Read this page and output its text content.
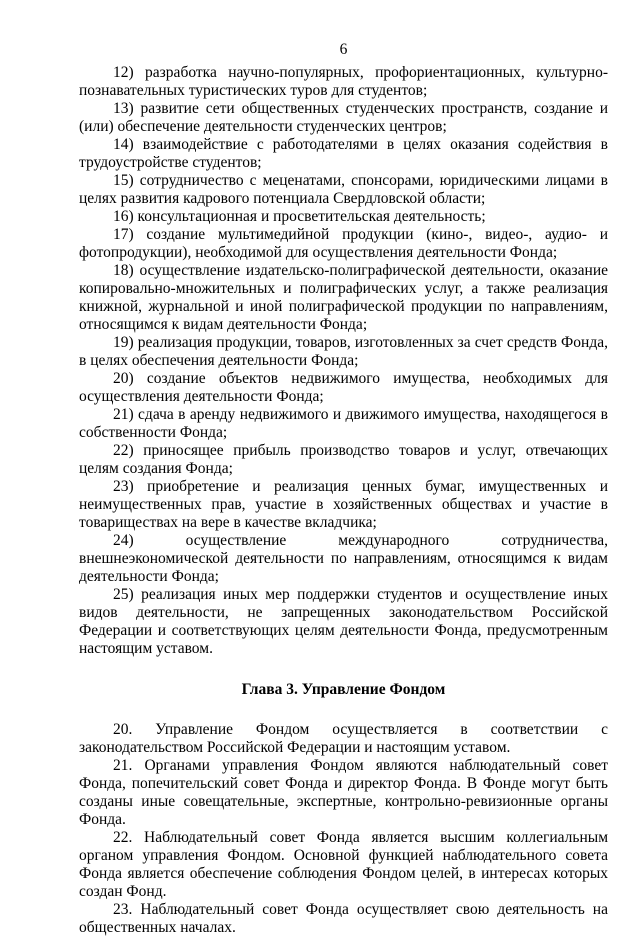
6

12) разработка научно-популярных, профориентационных, культурно-познавательных туристических туров для студентов;

13) развитие сети общественных студенческих пространств, создание и (или) обеспечение деятельности студенческих центров;

14) взаимодействие с работодателями в целях оказания содействия в трудоустройстве студентов;

15) сотрудничество с меценатами, спонсорами, юридическими лицами в целях развития кадрового потенциала Свердловской области;

16) консультационная и просветительская деятельность;

17) создание мультимедийной продукции (кино-, видео-, аудио- и фотопродукции), необходимой для осуществления деятельности Фонда;

18) осуществление издательско-полиграфической деятельности, оказание копировально-множительных и полиграфических услуг, а также реализация книжной, журнальной и иной полиграфической продукции по направлениям, относящимся к видам деятельности Фонда;

19) реализация продукции, товаров, изготовленных за счет средств Фонда, в целях обеспечения деятельности Фонда;

20) создание объектов недвижимого имущества, необходимых для осуществления деятельности Фонда;

21) сдача в аренду недвижимого и движимого имущества, находящегося в собственности Фонда;

22) приносящее прибыль производство товаров и услуг, отвечающих целям создания Фонда;

23) приобретение и реализация ценных бумаг, имущественных и неимущественных прав, участие в хозяйственных обществах и участие в товариществах на вере в качестве вкладчика;

24) осуществление международного сотрудничества, внешнеэкономической деятельности по направлениям, относящимся к видам деятельности Фонда;

25) реализация иных мер поддержки студентов и осуществление иных видов деятельности, не запрещенных законодательством Российской Федерации и соответствующих целям деятельности Фонда, предусмотренным настоящим уставом.

Глава 3. Управление Фондом

20. Управление Фондом осуществляется в соответствии с законодательством Российской Федерации и настоящим уставом.

21. Органами управления Фондом являются наблюдательный совет Фонда, попечительский совет Фонда и директор Фонда. В Фонде могут быть созданы иные совещательные, экспертные, контрольно-ревизионные органы Фонда.

22. Наблюдательный совет Фонда является высшим коллегиальным органом управления Фондом. Основной функцией наблюдательного совета Фонда является обеспечение соблюдения Фондом целей, в интересах которых создан Фонд.

23. Наблюдательный совет Фонда осуществляет свою деятельность на общественных началах.
